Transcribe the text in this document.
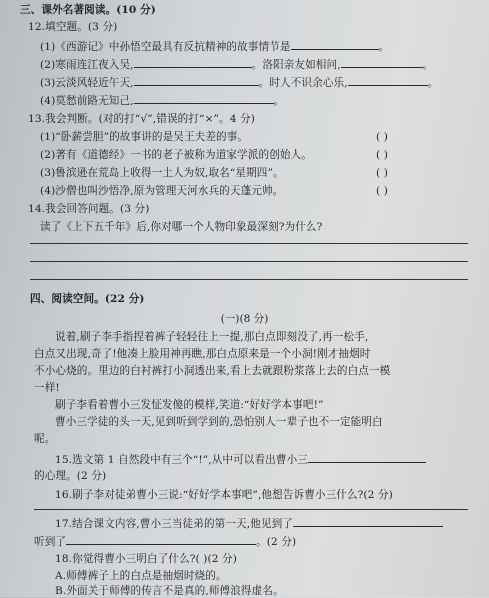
三、课外名著阅读。(10 分)
12.填空题。(3 分)
(1)《西游记》中孙悟空最具有反抗精神的故事情节是	。
(2)寒雨连江夜入吴,	。洛阳亲友如相问,	。
(3)云淡风轻近午天,	。时人不识余心乐,	。
(4)莫愁前路无知己,	。
13.我会判断。(对的打“√”,错误的打“×”。4 分)
(1)“卧薪尝胆”的故事讲的是吴王夫差的事。	( )
(2)著有《道德经》一书的老子被称为道家学派的创始人。	( )
(3)鲁滨逊在荒岛上收得一土人为奴,取名“星期四”。	( )
(4)沙僧也叫沙悟净,原为管理天河水兵的天蓬元帅。	( )
14.我会回答问题。(3 分)
读了《上下五千年》后,你对哪一个人物印象最深刻?为什么?
四、阅读空间。(22 分)
(一)(8 分)
说着,刷子李手指捏着裤子轻轻往上一提,那白点即刻没了,再一松手,
白点又出现,奇了!他凑上脸用神再瞧,那白点原来是一个小洞!刚才抽烟时
不小心烧的。里边的白衬裤打小洞透出来,看上去就跟粉浆落上去的白点一模
一样!
刷子李看着曹小三发怔发傻的模样,笑道:“好好学本事吧!”
曹小三学徒的头一天,见到听到学到的,恐怕别人一辈子也不一定能明白
呢。
15.选文第 1 自然段中有三个“!”,从中可以看出曹小三
的心理。(2 分)
16.刷子李对徒弟曹小三说:“好好学本事吧”,他想告诉曹小三什么?(2 分)
17.结合课文内容,曹小三当徒弟的第一天,他见到了
听到了	。(2 分)
18.你觉得曹小三明白了什么?( )(2 分)
A.师傅裤子上的白点是抽烟时烧的。
B.外面关于师傅的传言不是真的,师傅浪得虚名。
